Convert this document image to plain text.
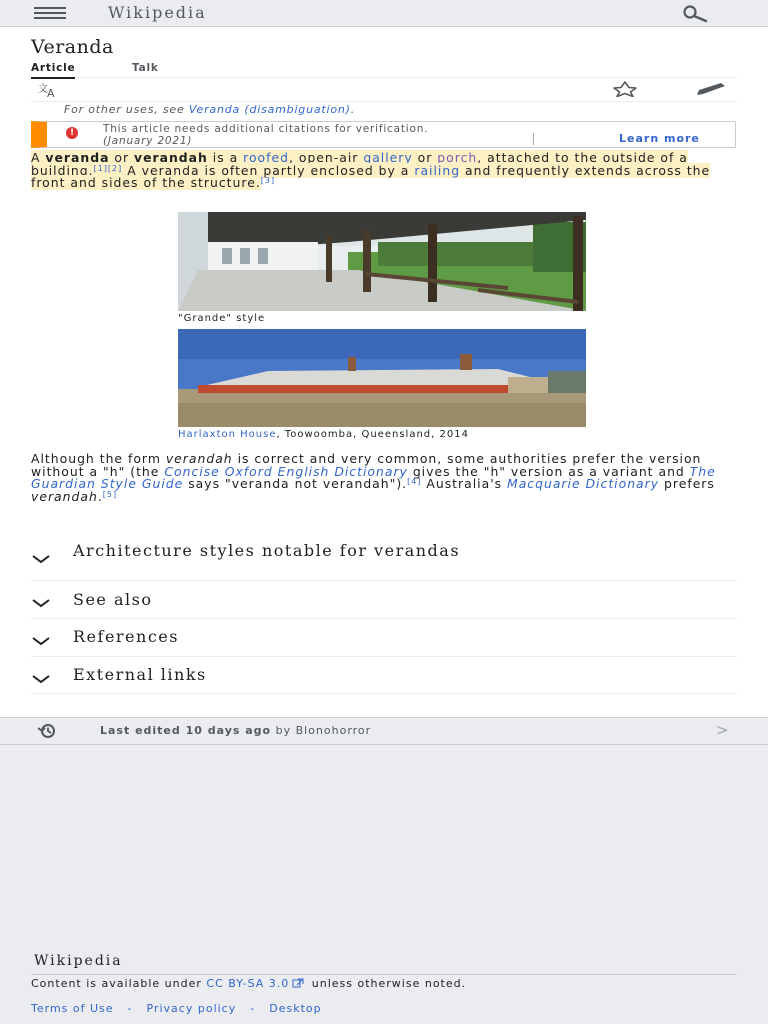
Wikipedia
Veranda
Article	Talk
文 A
For other uses, see Veranda (disambiguation).
!	This article needs additional citations for verification.
(January 2021)	Learn more
A veranda or verandah is a roofed, open-air gallery or porch, attached to the outside of a building.[1][2] A veranda is often partly enclosed by a railing and frequently extends across the front and sides of the structure.[3]
"Grande" style
Harlaxton House, Toowoomba, Queensland, 2014
Although the form verandah is correct and very common, some authorities prefer the version without a "h" (the Concise Oxford English Dictionary gives the "h" version as a variant and The Guardian Style Guide says "veranda not verandah").[4] Australia's Macquarie Dictionary prefers verandah.[5]
Architecture styles notable for verandas
See also
References
External links
Last edited 10 days ago by Blonohorror	>
Wikipedia
Content is available under CC BY-SA 3.0 unless otherwise noted.
Terms of Use - Privacy policy - Desktop
